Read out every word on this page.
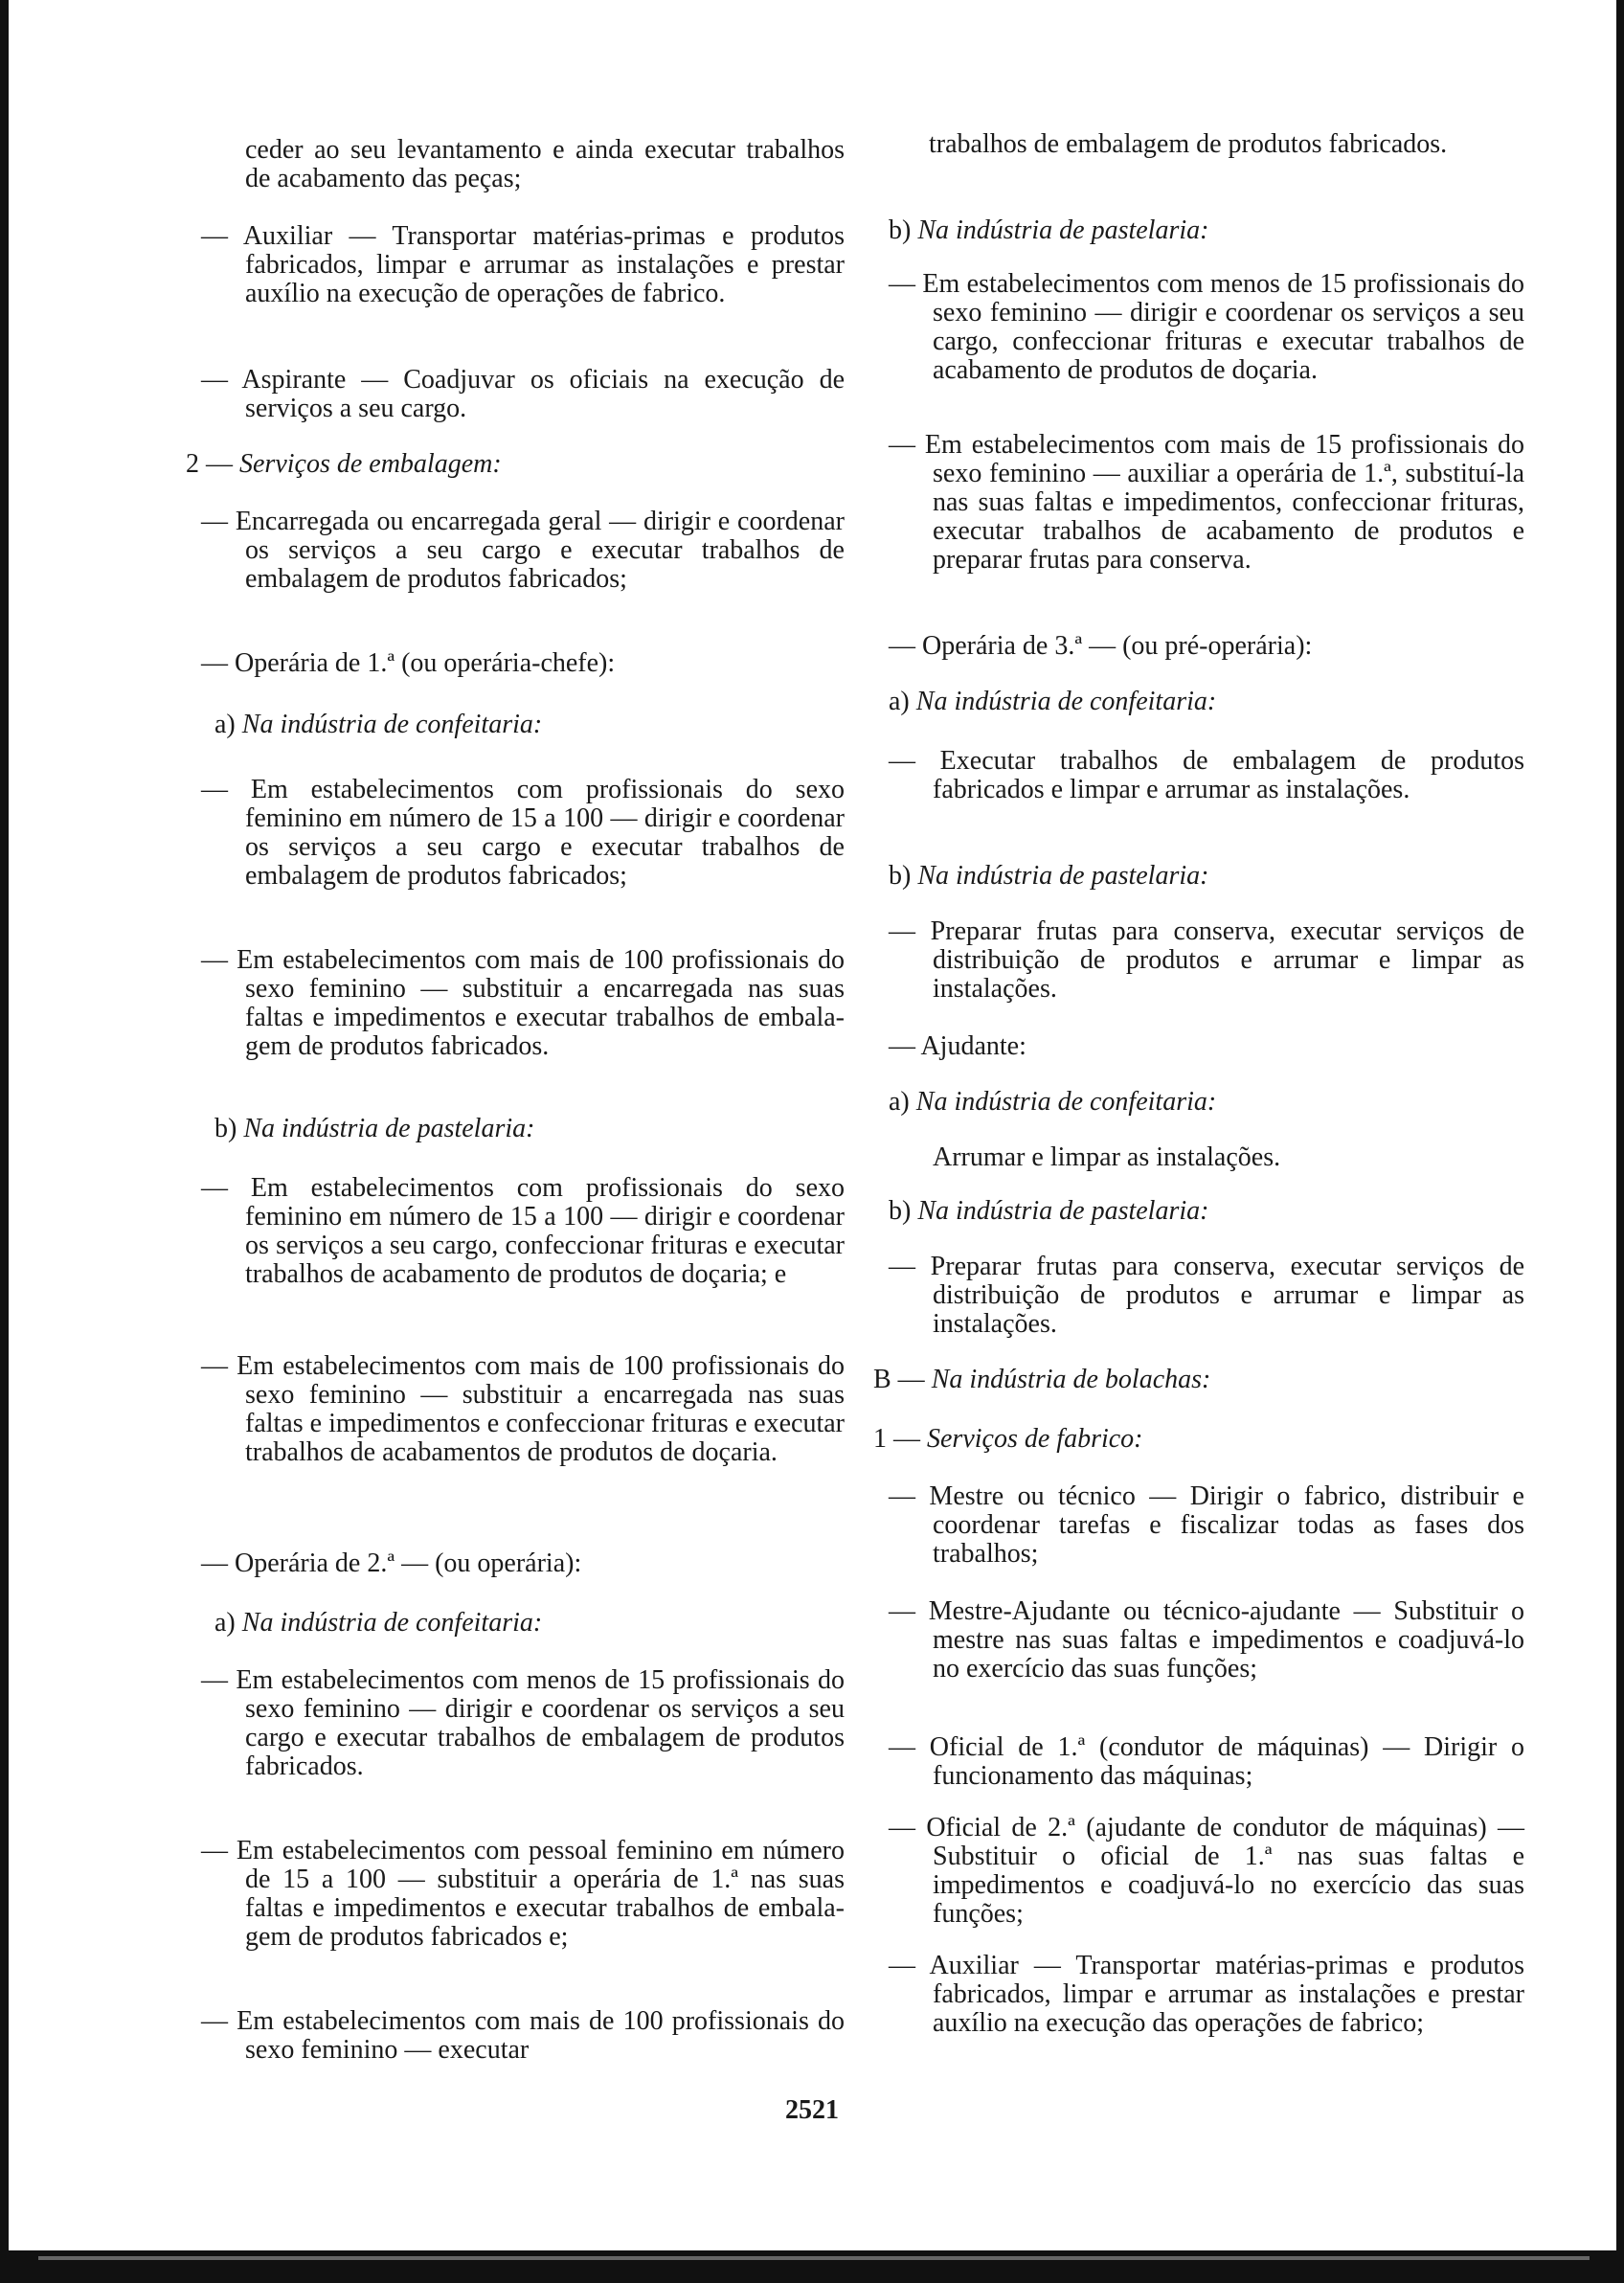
ceder ao seu levantamento e ainda executar trabalhos de acabamento das peças;
— Auxiliar — Transportar matérias-primas e produtos fabricados, limpar e arrumar as instalações e prestar auxílio na execução de operações de fabrico.
— Aspirante — Coadjuvar os oficiais na execução de serviços a seu cargo.
2 — Serviços de embalagem:
— Encarregada ou encarregada geral — dirigir e coordenar os serviços a seu cargo e executar trabalhos de embalagem de produtos fabricados;
— Operária de 1.ª (ou operária-chefe):
a) Na indústria de confeitaria:
— Em estabelecimentos com profissionais do sexo feminino em número de 15 a 100 — dirigir e coordenar os serviços a seu cargo e executar trabalhos de embalagem de produtos fabricados;
— Em estabelecimentos com mais de 100 profissionais do sexo feminino — substituir a encarregada nas suas faltas e impedimentos e executar trabalhos de embalagem de produtos fabricados.
b) Na indústria de pastelaria:
— Em estabelecimentos com profissionais do sexo feminino em número de 15 a 100 — dirigir e coordenar os serviços a seu cargo, confeccionar frituras e executar trabalhos de acabamento de produtos de doçaria; e
— Em estabelecimentos com mais de 100 profissionais do sexo feminino — substituir a encarregada nas suas faltas e impedimentos e confeccionar frituras e executar trabalhos de acabamentos de produtos de doçaria.
— Operária de 2.ª — (ou operária):
a) Na indústria de confeitaria:
— Em estabelecimentos com menos de 15 profissionais do sexo feminino — dirigir e coordenar os serviços a seu cargo e executar trabalhos de embalagem de produtos fabricados.
— Em estabelecimentos com pessoal feminino em número de 15 a 100 — substituir a operária de 1.ª nas suas faltas e impedimentos e executar trabalhos de embalagem de produtos fabricados e;
— Em estabelecimentos com mais de 100 profissionais do sexo feminino — executar
trabalhos de embalagem de produtos fabricados.
b) Na indústria de pastelaria:
— Em estabelecimentos com menos de 15 profissionais do sexo feminino — dirigir e coordenar os serviços a seu cargo, confeccionar frituras e executar trabalhos de acabamento de produtos de doçaria.
— Em estabelecimentos com mais de 15 profissionais do sexo feminino — auxiliar a operária de 1.ª, substituí-la nas suas faltas e impedimentos, confeccionar frituras, executar trabalhos de acabamento de produtos e preparar frutas para conserva.
— Operária de 3.ª — (ou pré-operária):
a) Na indústria de confeitaria:
— Executar trabalhos de embalagem de produtos fabricados e limpar e arrumar as instalações.
b) Na indústria de pastelaria:
— Preparar frutas para conserva, executar serviços de distribuição de produtos e arrumar e limpar as instalações.
— Ajudante:
a) Na indústria de confeitaria:
Arrumar e limpar as instalações.
b) Na indústria de pastelaria:
— Preparar frutas para conserva, executar serviços de distribuição de produtos e arrumar e limpar as instalações.
B — Na indústria de bolachas:
1 — Serviços de fabrico:
— Mestre ou técnico — Dirigir o fabrico, distribuir e coordenar tarefas e fiscalizar todas as fases dos trabalhos;
— Mestre-Ajudante ou técnico-ajudante — Substituir o mestre nas suas faltas e impedimentos e coadjuvá-lo no exercício das suas funções;
— Oficial de 1.ª (condutor de máquinas) — Dirigir o funcionamento das máquinas;
— Oficial de 2.ª (ajudante de condutor de máquinas) — Substituir o oficial de 1.ª nas suas faltas e impedimentos e coadjuvá-lo no exercício das suas funções;
— Auxiliar — Transportar matérias-primas e produtos fabricados, limpar e arrumar as instalações e prestar auxílio na execução das operações de fabrico;
2521
